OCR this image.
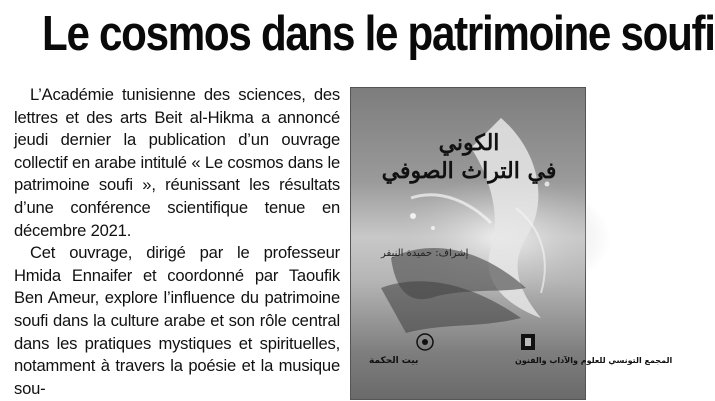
Le cosmos dans le patrimoine soufi

L’Académie tunisienne des sciences, des lettres et des arts Beit al-Hikma a annoncé jeudi dernier la publication d’un ouvrage collectif en arabe intitulé « Le cosmos dans le patrimoine soufi », réunissant les résultats d’une conférence scientifique tenue en décembre 2021.

Cet ouvrage, dirigé par le professeur Hmida Ennaifer et coordonné par Taoufik Ben Ameur, explore l’influence du patrimoine soufi dans la culture arabe et son rôle central dans les pratiques mystiques et spirituelles, notamment à travers la poésie et la musique sou-

الكوني
في التراث الصوفي
إشراف: حميدة النيفر
بيت الحكمة	المجمع التونسي للعلوم والآداب والفنون
